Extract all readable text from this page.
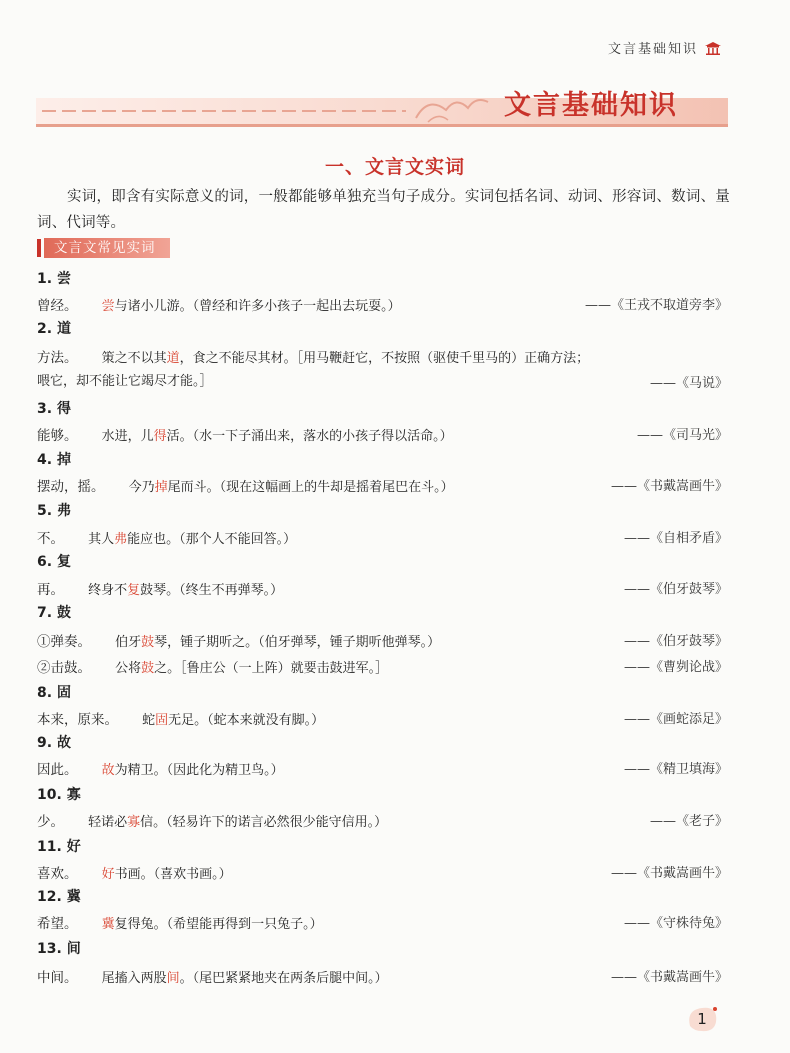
文言基础知识
文言基础知识
一、文言文实词
实词，即含有实际意义的词，一般都能够单独充当句子成分。实词包括名词、动词、形容词、数词、量词、代词等。
文言文常见实词
1. 尝
曾经。 尝与诸小儿游。（曾经和许多小孩子一起出去玩耍。）	——《王戎不取道旁李》
2. 道
方法。 策之不以其道，食之不能尽其材。［用马鞭赶它，不按照（驱使千里马的）正确方法；
喂它，却不能让它竭尽才能。］	——《马说》
3. 得
能够。 水进，儿得活。（水一下子涌出来，落水的小孩子得以活命。）	——《司马光》
4. 掉
摆动，摇。 今乃掉尾而斗。（现在这幅画上的牛却是摇着尾巴在斗。）	——《书戴嵩画牛》
5. 弗
不。 其人弗能应也。（那个人不能回答。）	——《自相矛盾》
6. 复
再。 终身不复鼓琴。（终生不再弹琴。）	——《伯牙鼓琴》
7. 鼓
①弹奏。 伯牙鼓琴，锺子期听之。（伯牙弹琴，锺子期听他弹琴。）	——《伯牙鼓琴》
②击鼓。 公将鼓之。［鲁庄公（一上阵）就要击鼓进军。］	——《曹刿论战》
8. 固
本来，原来。 蛇固无足。（蛇本来就没有脚。）	——《画蛇添足》
9. 故
因此。 故为精卫。（因此化为精卫鸟。）	——《精卫填海》
10. 寡
少。 轻诺必寡信。（轻易许下的诺言必然很少能守信用。）	——《老子》
11. 好
喜欢。 好书画。（喜欢书画。）	——《书戴嵩画牛》
12. 冀
希望。 冀复得兔。（希望能再得到一只兔子。）	——《守株待兔》
13. 间
中间。 尾搐入两股间。（尾巴紧紧地夹在两条后腿中间。）	——《书戴嵩画牛》
1
